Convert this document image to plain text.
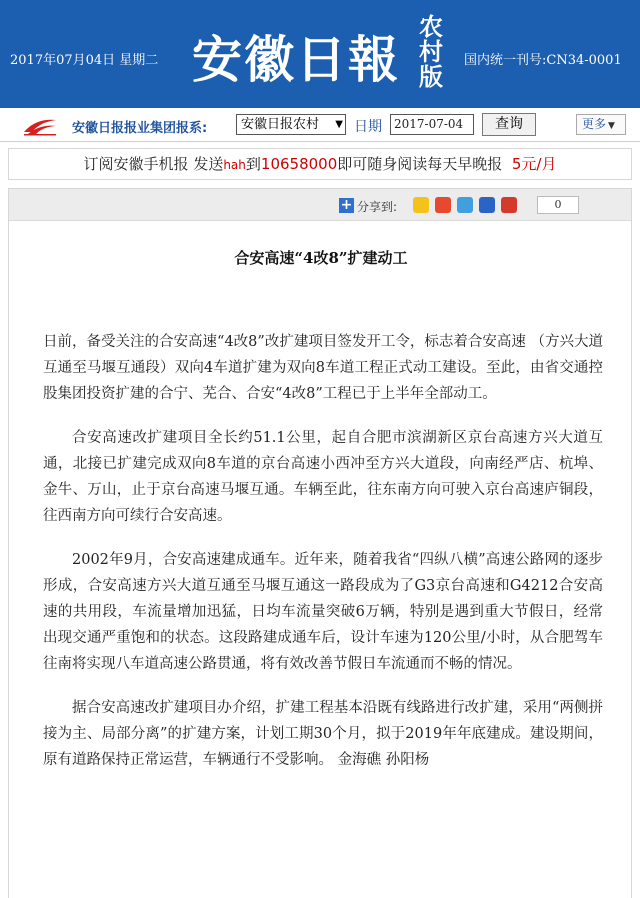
2017年07月04日 星期二 安徽日報
农村版
国内统一刊号:CN34-0001
安徽日报报业集团报系:	安徽日报农村 ▼ 日期	2017-07-04	查询	更多 ▼
订阅安徽手机报 发送hah到10658000即可随身阅读每天早晚报 5元/月
+ 分享到:	0
合安高速“4改8”扩建动工

日前，备受关注的合安高速“4改8”改扩建项目签发开工令，标志着合安高速 （方兴大道互通至马堰互通段）双向4车道扩建为双向8车道工程正式动工建设。至此，由省交通控股集团投资扩建的合宁、芜合、合安“4改8”工程已于上半年全部动工。

合安高速改扩建项目全长约51.1公里，起自合肥市滨湖新区京台高速方兴大道互通，北接已扩建完成双向8车道的京台高速小西冲至方兴大道段，向南经严店、杭埠、金牛、万山，止于京台高速马堰互通。车辆至此，往东南方向可驶入京台高速庐铜段，往西南方向可续行合安高速。

2002年9月，合安高速建成通车。近年来，随着我省“四纵八横”高速公路网的逐步形成，合安高速方兴大道互通至马堰互通这一路段成为了G3京台高速和G4212合安高速的共用段，车流量增加迅猛，日均车流量突破6万辆，特别是遇到重大节假日，经常出现交通严重饱和的状态。这段路建成通车后，设计车速为120公里/小时，从合肥驾车往南将实现八车道高速公路贯通，将有效改善节假日车流通而不畅的情况。

据合安高速改扩建项目办介绍，扩建工程基本沿既有线路进行改扩建，采用“两侧拼接为主、局部分离”的扩建方案，计划工期30个月，拟于2019年年底建成。建设期间，原有道路保持正常运营，车辆通行不受影响。 金海礁 孙阳杨
